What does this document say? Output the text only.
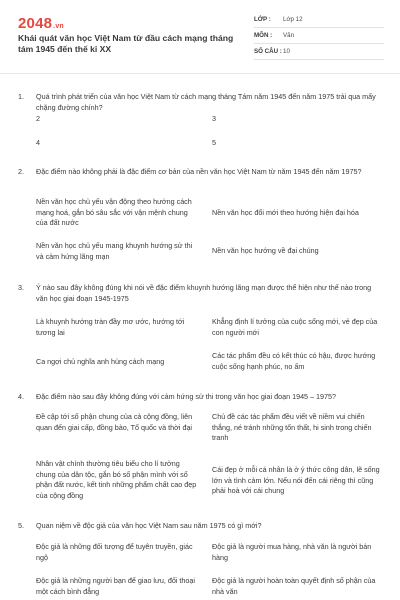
2048.vn
Khái quát văn học Việt Nam từ đầu cách mạng tháng tám 1945 đến thế kỉ XX
LỚP :	Lớp 12
MÔN :	Văn
SỐ CÂU : 10
1. Quá trình phát triển của văn học Việt Nam từ cách mạng tháng Tám năm 1945 đến năm 1975 trải qua mấy chặng đường chính?
2	3
4	5
2. Đặc điểm nào không phải là đặc điểm cơ bản của nền văn học Việt Nam từ năm 1945 đến năm 1975?
Nền văn học chủ yếu vận động theo hướng cách mạng hoá, gắn bó sâu sắc với vận mệnh chung của đất nước
Nền văn học đổi mới theo hướng hiện đại hóa
Nền văn học chủ yếu mang khuynh hướng sử thi và cảm hứng lãng mạn
Nền văn học hướng về đại chúng
3. Ý nào sau đây không đúng khi nói về đặc điểm khuynh hướng lãng mạn được thể hiện như thế nào trong văn học giai đoạn 1945-1975
Là khuynh hướng tràn đầy mơ ước, hướng tới tương lai
Khẳng định lí tưởng của cuộc sống mới, vẻ đẹp của con người mới
Ca ngợi chủ nghĩa anh hùng cách mạng
Các tác phẩm đều có kết thúc có hậu, được hướng cuộc sống hạnh phúc, no ấm
4. Đặc điểm nào sau đây không đúng với cảm hứng sử thi trong văn học giai đoạn 1945 – 1975?
Đề cập tới số phận chung của cả cộng đồng, liên quan đến giai cấp, đồng bào, Tổ quốc và thời đại
Chủ đề các tác phẩm đều viết về niềm vui chiến thắng, né tránh những tổn thất, hi sinh trong chiến tranh
Nhân vật chính thường tiêu biểu cho lí tưởng chung của dân tộc, gắn bó số phận mình với số phận đất nước, kết tinh những phẩm chất cao đẹp của cộng đồng
Cái đẹp ở mỗi cá nhân là ở ý thức công dân, lẽ sống lớn và tình cảm lớn. Nếu nói đến cái riêng thì cũng phải hoà với cái chung
5. Quan niệm về độc giả của văn học Việt Nam sau năm 1975 có gì mới?
Độc giả là những đối tượng để tuyên truyền, giác ngộ
Độc giả là người mua hàng, nhà văn là người bán hàng
Độc giả là những người bạn để giao lưu, đối thoại một cách bình đẳng
Độc giả là người hoàn toàn quyết định số phận của nhà văn
